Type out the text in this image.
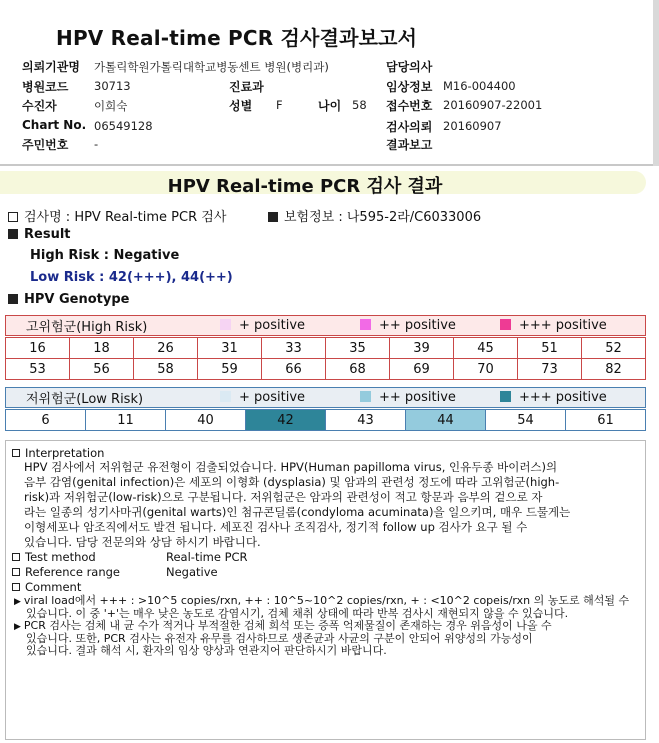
HPV Real-time PCR 검사결과보고서
의뢰기관명 가톨릭학원가톨릭대학교병동센트 병원(병리과)	담당의사
병원코드 30713	진료과	임상정보 M16-004400
수진자	이희숙	성별 F	나이 58 접수번호 20160907-22001
Chart No. 06549128	검사의뢰 20160907
주민번호 -	결과보고
HPV Real-time PCR 검사 결과
검사명 : HPV Real-time PCR 검사	보험정보 : 나595-2라/C6033006
Result
High Risk : Negative
Low Risk : 42(+++), 44(++)
HPV Genotype
고위험군(High Risk)	+ positive	++ positive	+++ positive
16	18	26	31	33	35	39	45	51	52
53	56	58	59	66	68	69	70	73	82
저위험군(Low Risk)	+ positive	++ positive	+++ positive
6	11	40	42	43	44	54	61
Interpretation
HPV 검사에서 저위험군 유전형이 검출되었습니다. HPV(Human papilloma virus, 인유두종 바이러스)의
음부 감염(genital infection)은 세포의 이형화 (dysplasia) 및 암과의 관련성 정도에 따라 고위험군(high-
risk)과 저위험군(low-risk)으로 구분됩니다. 저위험군은 암과의 관련성이 적고 항문과 음부의 겉으로 자
라는 일종의 성기사마귀(genital warts)인 첨규콘딜롬(condyloma acuminata)을 일으키며, 매우 드물게는
이형세포나 암조직에서도 발견 됩니다. 세포진 검사나 조직검사, 정기적 follow up 검사가 요구 될 수
있습니다. 담당 전문의와 상담 하시기 바랍니다.
Test method	Real-time PCR
Reference range	Negative
Comment
▶ viral load에서 +++ : >10^5 copies/rxn, ++ : 10^5~10^2 copies/rxn, + : <10^2 copeis/rxn 의 농도로 해석될 수
있습니다. 이 중 '+'는 매우 낮은 농도로 감염시기, 검체 채취 상태에 따라 반복 검사시 재현되지 않을 수 있습니다.
▶ PCR 검사는 검체 내 균 수가 적거나 부적절한 검체 희석 또는 증폭 억제물질이 존재하는 경우 위음성이 나올 수
있습니다. 또한, PCR 검사는 유전자 유무를 검사하므로 생존균과 사균의 구분이 안되어 위양성의 가능성이
있습니다. 결과 해석 시, 환자의 임상 양상과 연관지어 판단하시기 바랍니다.
